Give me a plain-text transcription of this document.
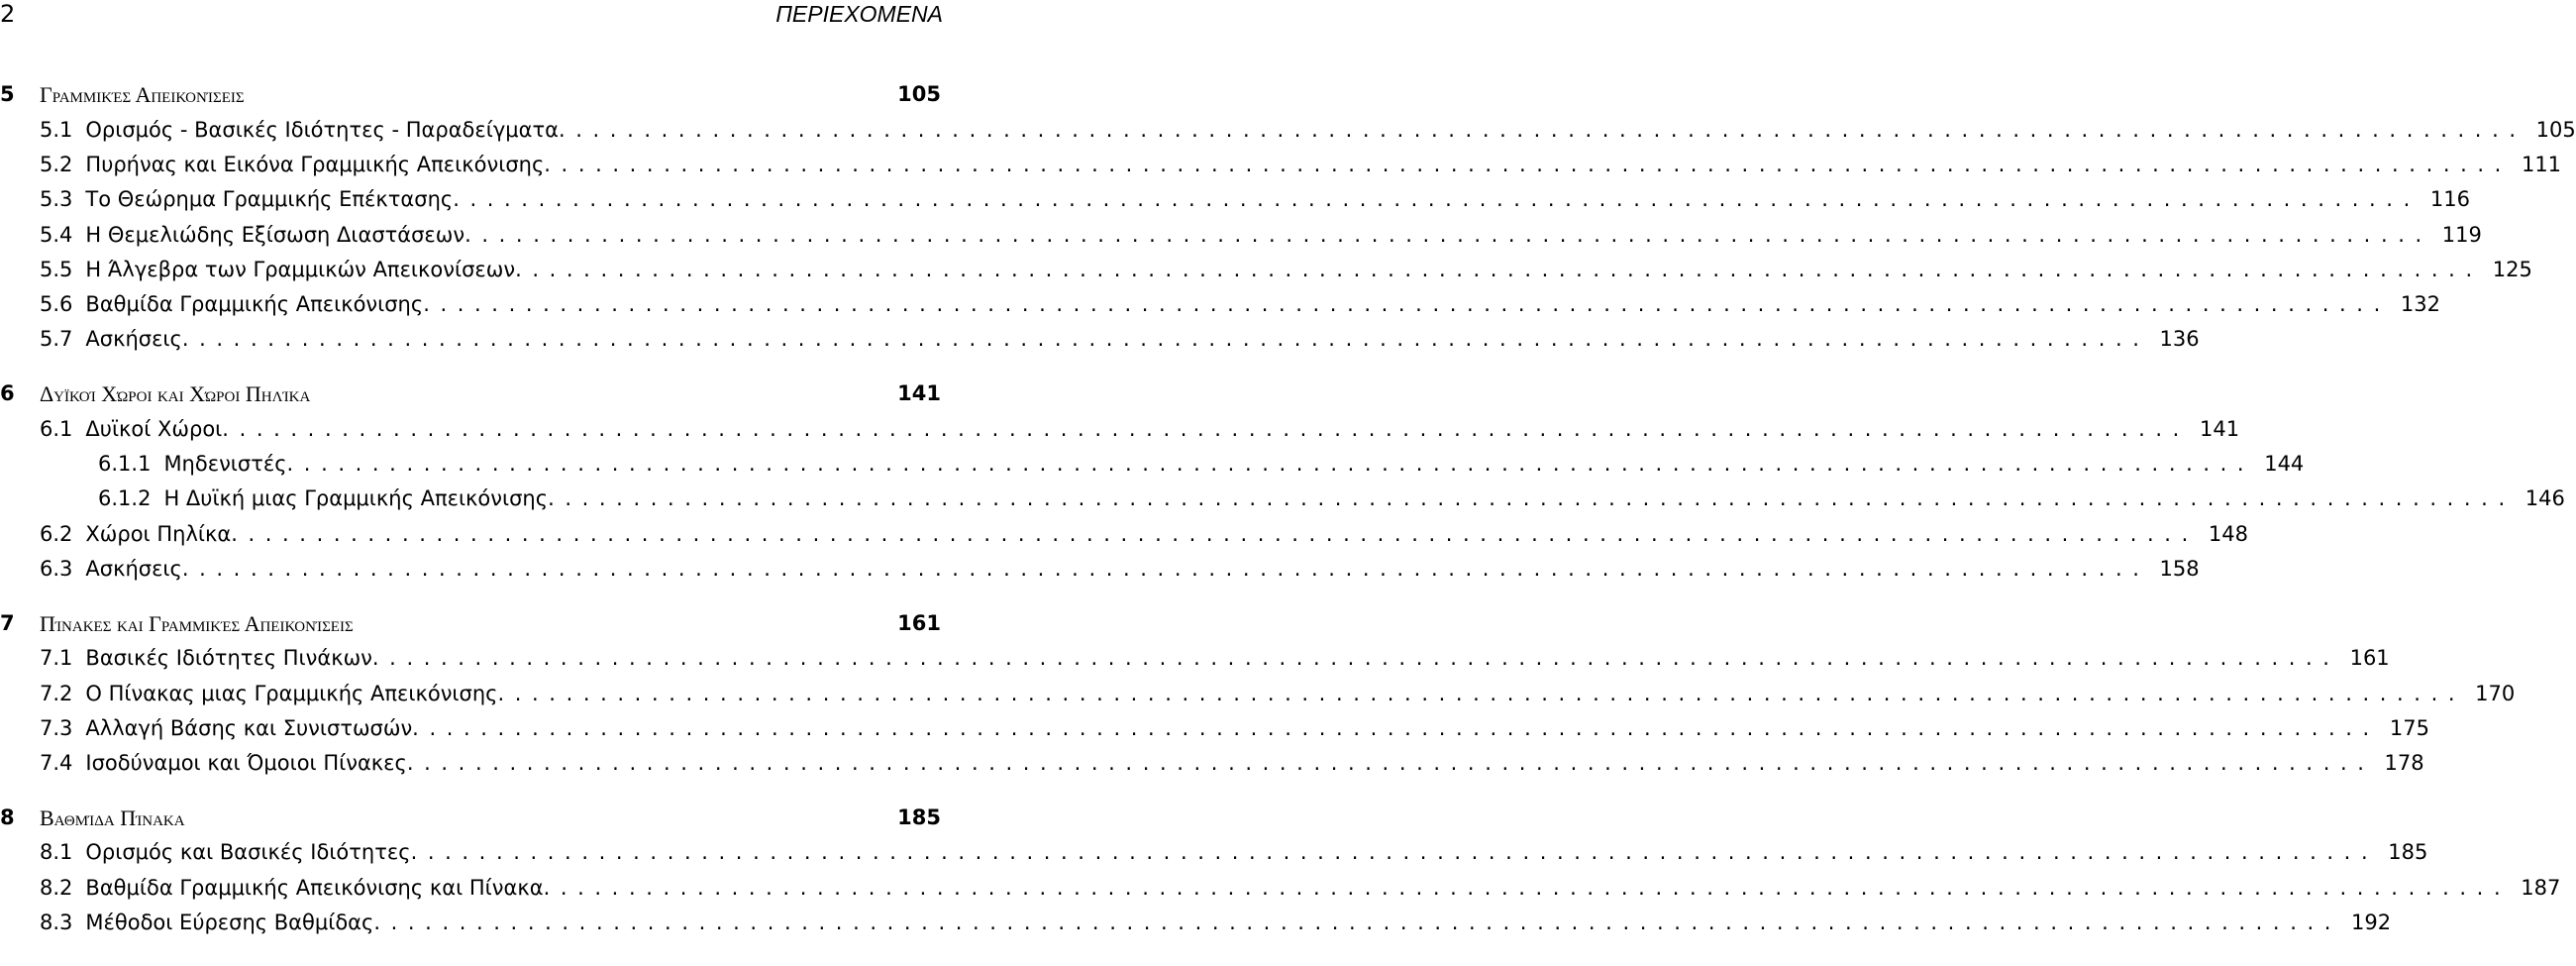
2	ΠΕΡΙΕΧΟΜΕΝΑ
5 Γραμμικές Απεικονίσεις	105
5.1 Ορισμός - Βασικές Ιδιότητες - Παραδείγματα ................................................................................................................... 105
5.2 Πυρήνας και Εικόνα Γραμμικής Απεικόνισης ................................................................................................................... 111
5.3 Το Θεώρημα Γραμμικής Επέκτασης ................................................................................................................... 116
5.4 Η Θεμελιώδης Εξίσωση Διαστάσεων ................................................................................................................... 119
5.5 Η Άλγεβρα των Γραμμικών Απεικονίσεων ................................................................................................................... 125
5.6 Βαθμίδα Γραμμικής Απεικόνισης ................................................................................................................... 132
5.7 Ασκήσεις ................................................................................................................... 136
6 Δυϊκοί Χώροι και Χώροι Πηλίκα	141
6.1 Δυϊκοί Χώροι ................................................................................................................... 141
6.1.1 Μηδενιστές ................................................................................................................... 144
6.1.2 Η Δυϊκή μιας Γραμμικής Απεικόνισης ................................................................................................................... 146
6.2 Χώροι Πηλίκα ................................................................................................................... 148
6.3 Ασκήσεις ................................................................................................................... 158
7 Πίνακες και Γραμμικές Απεικονίσεις	161
7.1 Βασικές Ιδιότητες Πινάκων ................................................................................................................... 161
7.2 Ο Πίνακας μιας Γραμμικής Απεικόνισης ................................................................................................................... 170
7.3 Αλλαγή Βάσης και Συνιστωσών ................................................................................................................... 175
7.4 Ισοδύναμοι και Όμοιοι Πίνακες ................................................................................................................... 178
8 Βαθμίδα Πίνακα	185
8.1 Ορισμός και Βασικές Ιδιότητες ................................................................................................................... 185
8.2 Βαθμίδα Γραμμικής Απεικόνισης και Πίνακα ................................................................................................................... 187
8.3 Μέθοδοι Εύρεσης Βαθμίδας ................................................................................................................... 192
